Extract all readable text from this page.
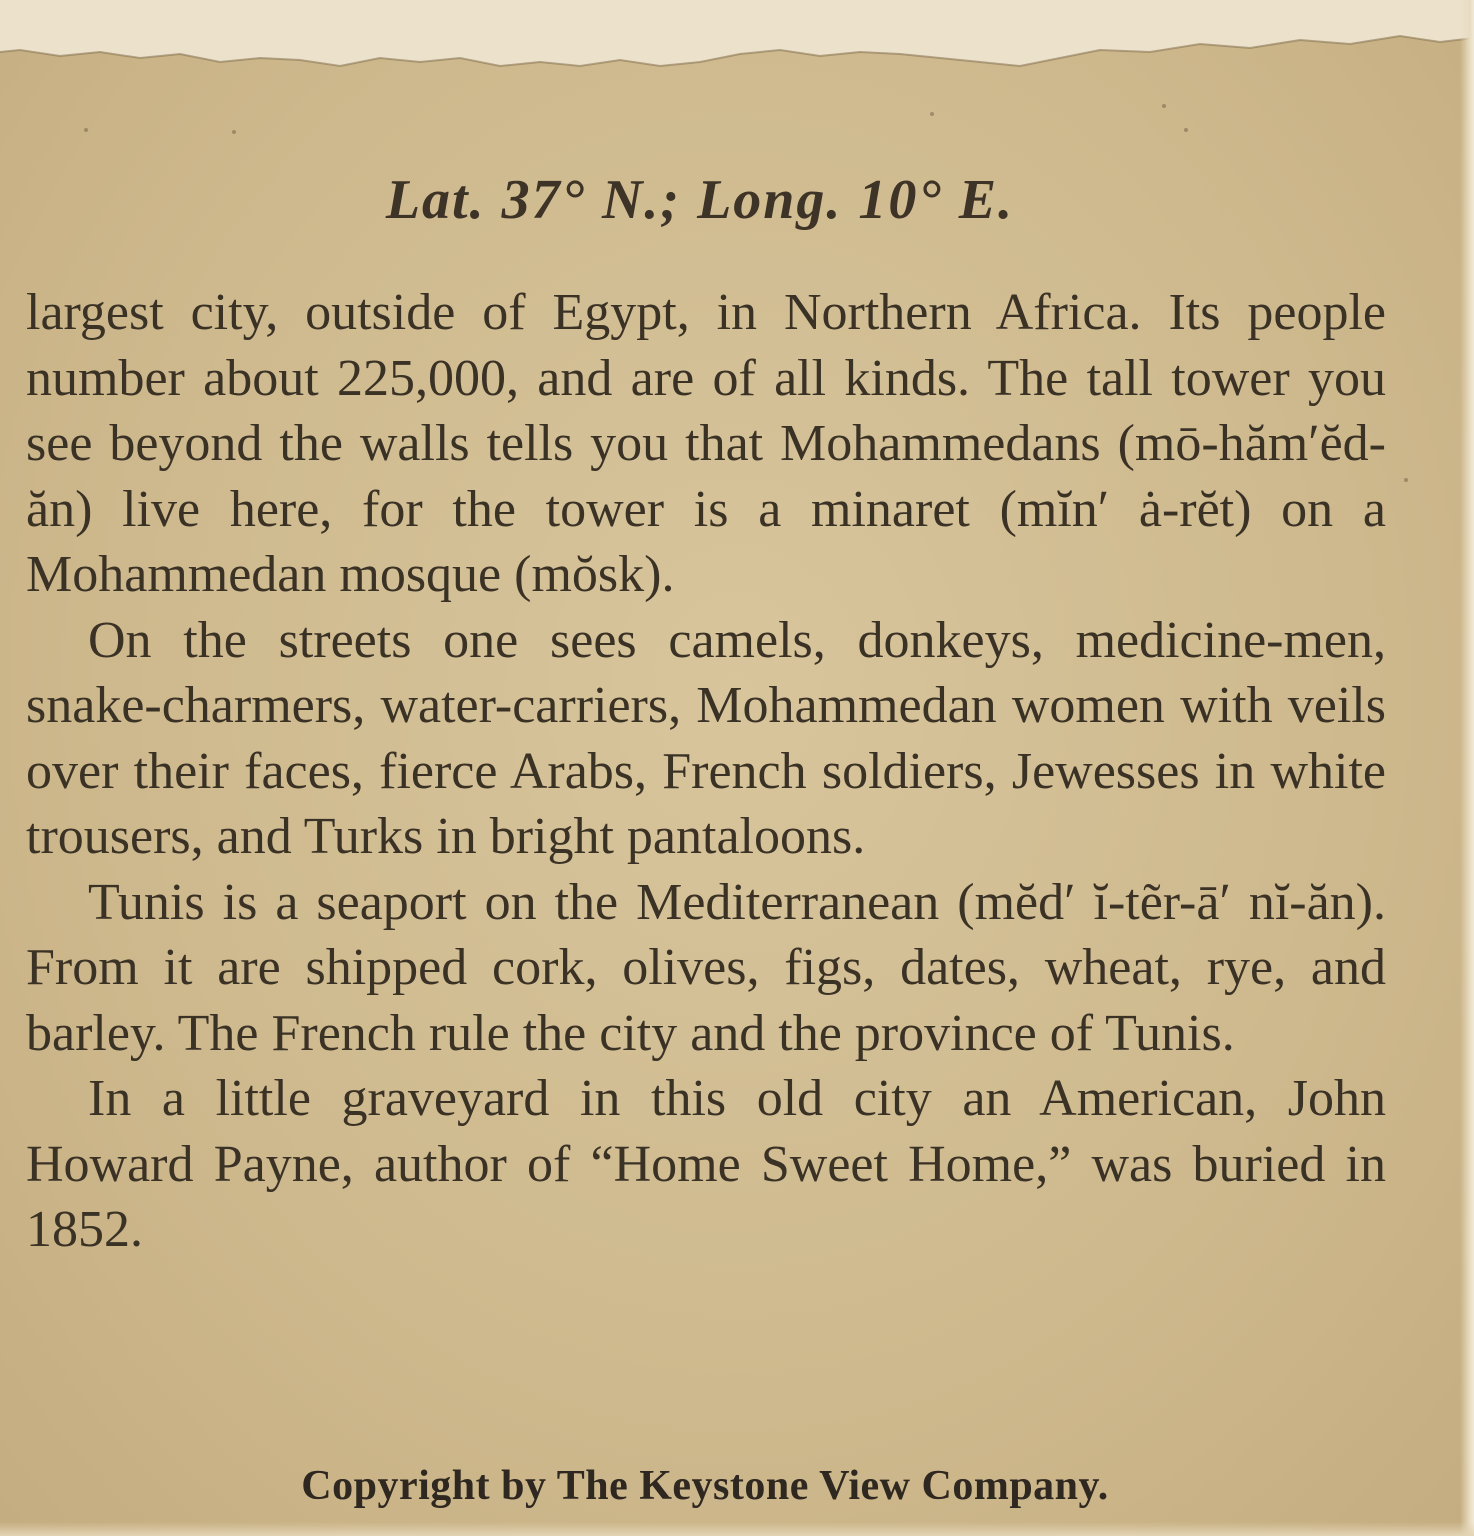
Lat. 37° N.; Long. 10° E.

largest city, outside of Egypt, in Northern Africa. Its people number about 225,000, and are of all kinds. The tall tower you see beyond the walls tells you that Mohammedans (mō-hăm′ĕd-ăn) live here, for the tower is a minaret (mĭn′ ȧ-rĕt) on a Mohammedan mosque (mŏsk).

On the streets one sees camels, donkeys, medicine-men, snake-charmers, water-carriers, Mohammedan women with veils over their faces, fierce Arabs, French soldiers, Jewesses in white trousers, and Turks in bright pantaloons.

Tunis is a seaport on the Mediterranean (mĕd′ ĭ-tẽr-ā′ nĭ-ăn). From it are shipped cork, olives, figs, dates, wheat, rye, and barley. The French rule the city and the province of Tunis.

In a little graveyard in this old city an American, John Howard Payne, author of “Home Sweet Home,” was buried in 1852.

Copyright by The Keystone View Company.
